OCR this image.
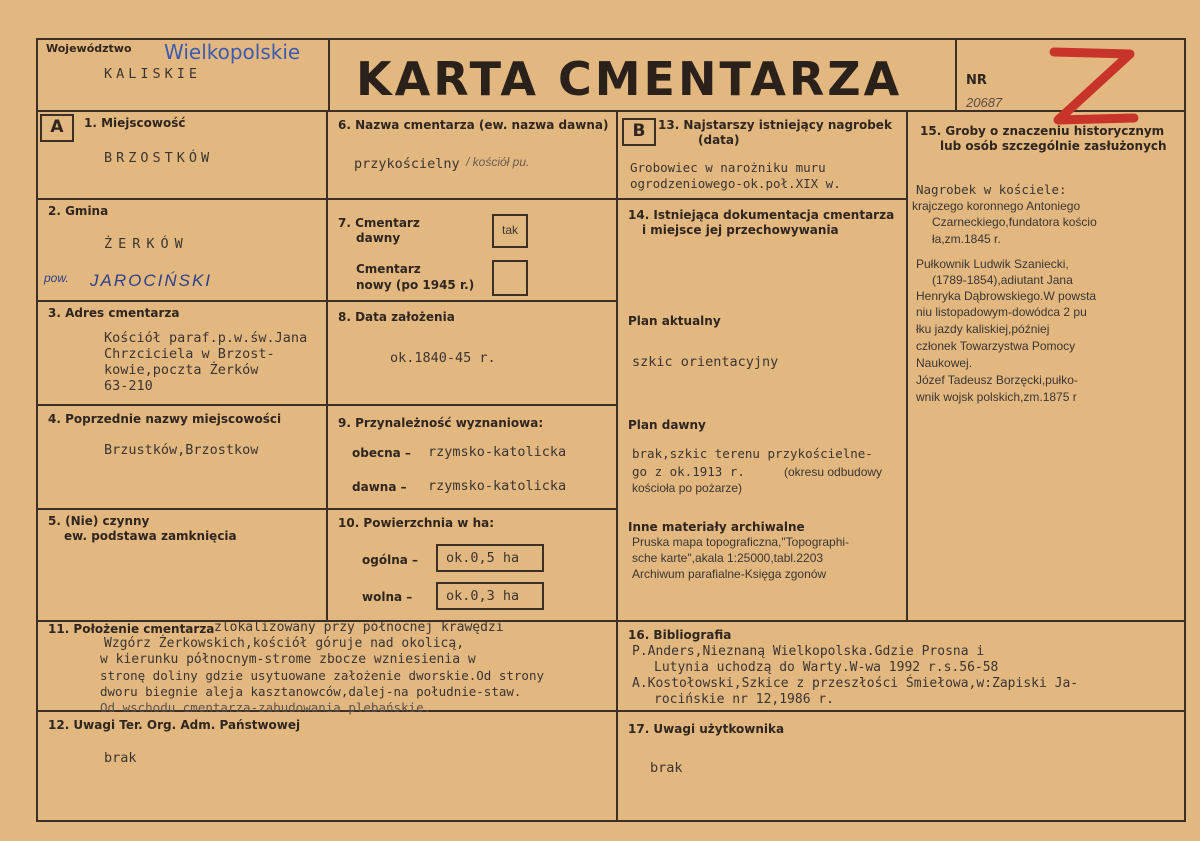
Województwo Wielkopolskie
KALISKIE	KARTA CMENTARZA	NR
20687
A	1. Miejscowość
BRZOSTKÓW
2. Gmina
ŻERKÓW
pow. JAROCIŃSKI
3. Adres cmentarza
Kościół paraf.p.w.św.Jana
Chrzciciela w Brzost-
kowie,poczta Żerków
63-210
4. Poprzednie nazwy miejscowości
Brzustków,Brzostkow
5. (Nie) czynny
ew. podstawa zamknięcia
6. Nazwa cmentarza (ew. nazwa dawna)
przykościelny / kościół pu.
7. Cmentarz
dawny
tak
Cmentarz
nowy (po 1945 r.)
8. Data założenia
ok.1840-45 r.
9. Przynależność wyznaniowa:
obecna – rzymsko-katolicka
dawna – rzymsko-katolicka
10. Powierzchnia w ha:
ogólna – ok.0,5 ha
wolna – ok.0,3 ha
B	13. Najstarszy istniejący nagrobek
(data)
Grobowiec w narożniku muru
ogrodzeniowego-ok.poł.XIX w.
14. Istniejąca dokumentacja cmentarza
i miejsce jej przechowywania
Plan aktualny
szkic orientacyjny
Plan dawny
brak,szkic terenu przykościelne-
go z ok.1913 r.	(okresu odbudowy
kościoła po pożarze)
Inne materiały archiwalne
Pruska mapa topograficzna,"Topographi-
sche karte",akala 1:25000,tabl.2203
Archiwum parafialne-Księga zgonów
15. Groby o znaczeniu historycznym
lub osób szczególnie zasłużonych
Nagrobek w kościele:
krajczego koronnego Antoniego
Czarneckiego,fundatora kościo
ła,zm.1845 r.
Pułkownik Ludwik Szaniecki,
(1789-1854),adiutant Jana
Henryka Dąbrowskiego.W powsta
niu listopadowym-dowódca 2 pu
łku jazdy kaliskiej,później
członek Towarzystwa Pomocy
Naukowej.
Józef Tadeusz Borzęcki,pułko-
wnik wojsk polskich,zm.1875 r
11. Położenie cmentarza zlokalizowany przy północnej krawędzi
Wzgórz Żerkowskich,kościół góruje nad okolicą,
w kierunku północnym-strome zbocze wzniesienia w
stronę doliny gdzie usytuowane założenie dworskie.Od strony
dworu biegnie aleja kasztanowców,dalej-na południe-staw.
Od wschodu cmentarza-zabudowania plebańskie.
12. Uwagi Ter. Org. Adm. Państwowej
brak
16. Bibliografia
P.Anders,Nieznaną Wielkopolska.Gdzie Prosna i
Lutynia uchodzą do Warty.W-wa 1992 r.s.56-58
A.Kostołowski,Szkice z przeszłości Śmiełowa,w:Zapiski Ja-
rocińskie nr 12,1986 r.
17. Uwagi użytkownika
brak
